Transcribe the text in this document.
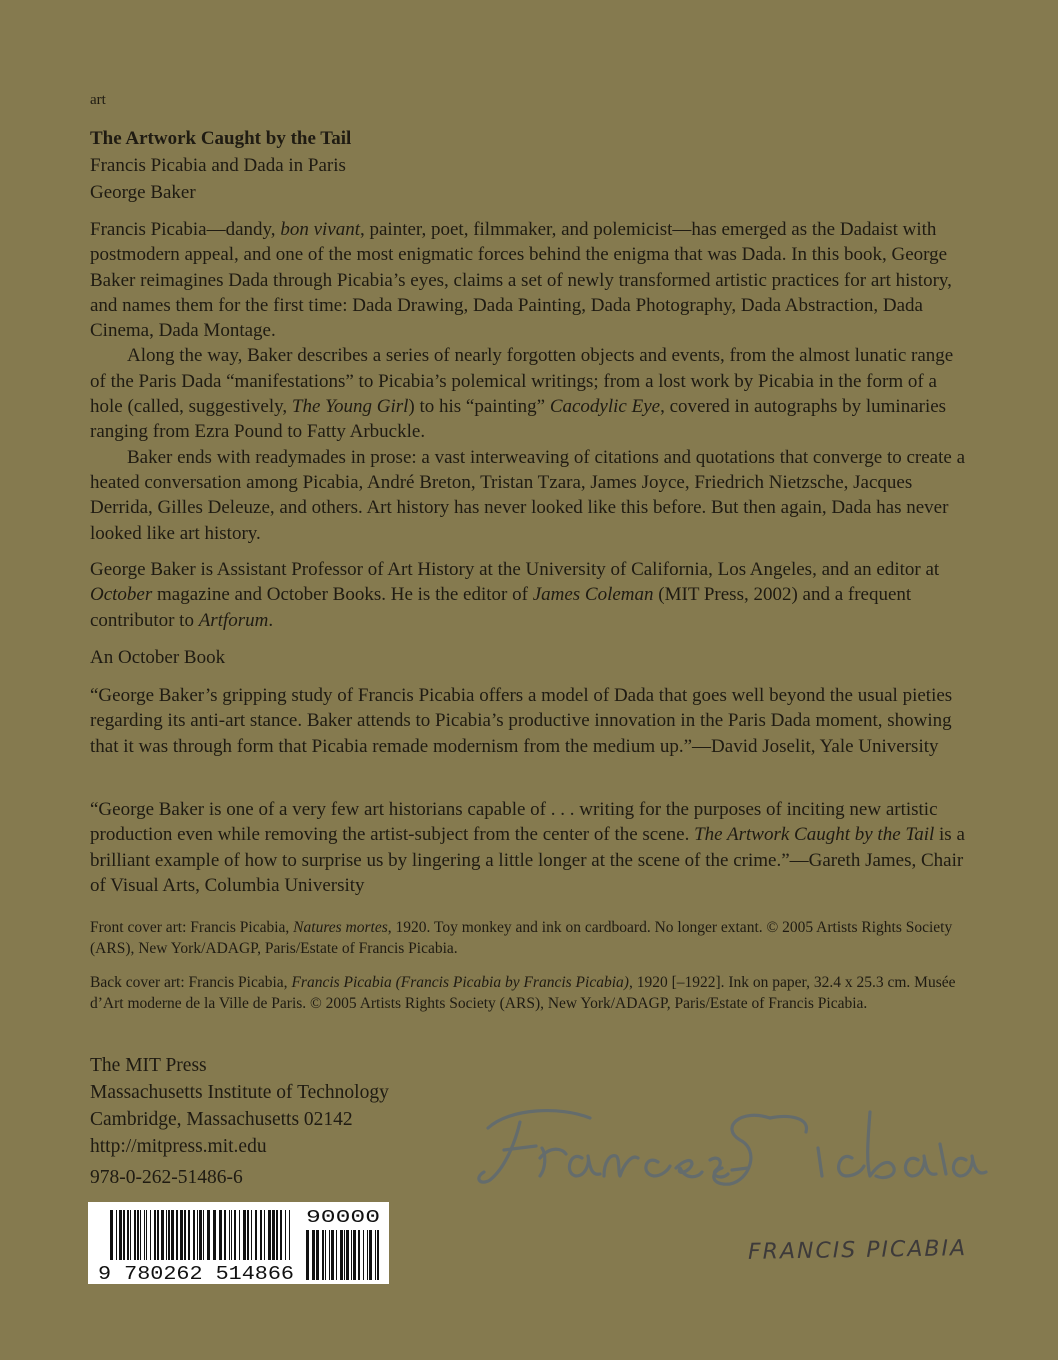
art
The Artwork Caught by the Tail
Francis Picabia and Dada in Paris
George Baker

Francis Picabia—dandy, bon vivant, painter, poet, filmmaker, and polemicist—has emerged as the Dadaist with postmodern appeal, and one of the most enigmatic forces behind the enigma that was Dada. In this book, George Baker reimagines Dada through Picabia’s eyes, claims a set of newly transformed artistic practices for art history, and names them for the first time: Dada Drawing, Dada Painting, Dada Photography, Dada Abstraction, Dada Cinema, Dada Montage.

Along the way, Baker describes a series of nearly forgotten objects and events, from the almost lunatic range of the Paris Dada “manifestations” to Picabia’s polemical writings; from a lost work by Picabia in the form of a hole (called, suggestively, The Young Girl) to his “painting” Cacodylic Eye, covered in autographs by luminaries ranging from Ezra Pound to Fatty Arbuckle.

Baker ends with readymades in prose: a vast interweaving of citations and quotations that converge to create a heated conversation among Picabia, André Breton, Tristan Tzara, James Joyce, Friedrich Nietzsche, Jacques Derrida, Gilles Deleuze, and others. Art history has never looked like this before. But then again, Dada has never looked like art history.

George Baker is Assistant Professor of Art History at the University of California, Los Angeles, and an editor at October magazine and October Books. He is the editor of James Coleman (MIT Press, 2002) and a frequent contributor to Artforum.

An October Book

“George Baker’s gripping study of Francis Picabia offers a model of Dada that goes well beyond the usual pieties regarding its anti-art stance. Baker attends to Picabia’s productive innovation in the Paris Dada moment, showing that it was through form that Picabia remade modernism from the medium up.”—David Joselit, Yale University

“George Baker is one of a very few art historians capable of . . . writing for the purposes of inciting new artistic production even while removing the artist-subject from the center of the scene. The Artwork Caught by the Tail is a brilliant example of how to surprise us by lingering a little longer at the scene of the crime.”—Gareth James, Chair of Visual Arts, Columbia University

Front cover art: Francis Picabia, Natures mortes, 1920. Toy monkey and ink on cardboard. No longer extant. © 2005 Artists Rights Society (ARS), New York/ADAGP, Paris/Estate of Francis Picabia.

Back cover art: Francis Picabia, Francis Picabia (Francis Picabia by Francis Picabia), 1920 [–1922]. Ink on paper, 32.4 x 25.3 cm. Musée d’Art moderne de la Ville de Paris. © 2005 Artists Rights Society (ARS), New York/ADAGP, Paris/Estate of Francis Picabia.

The MIT Press
Massachusetts Institute of Technology
Cambridge, Massachusetts 02142
http://mitpress.mit.edu
978-0-262-51486-6
9 780262 514866
90000
FRANCIS PICABIA
